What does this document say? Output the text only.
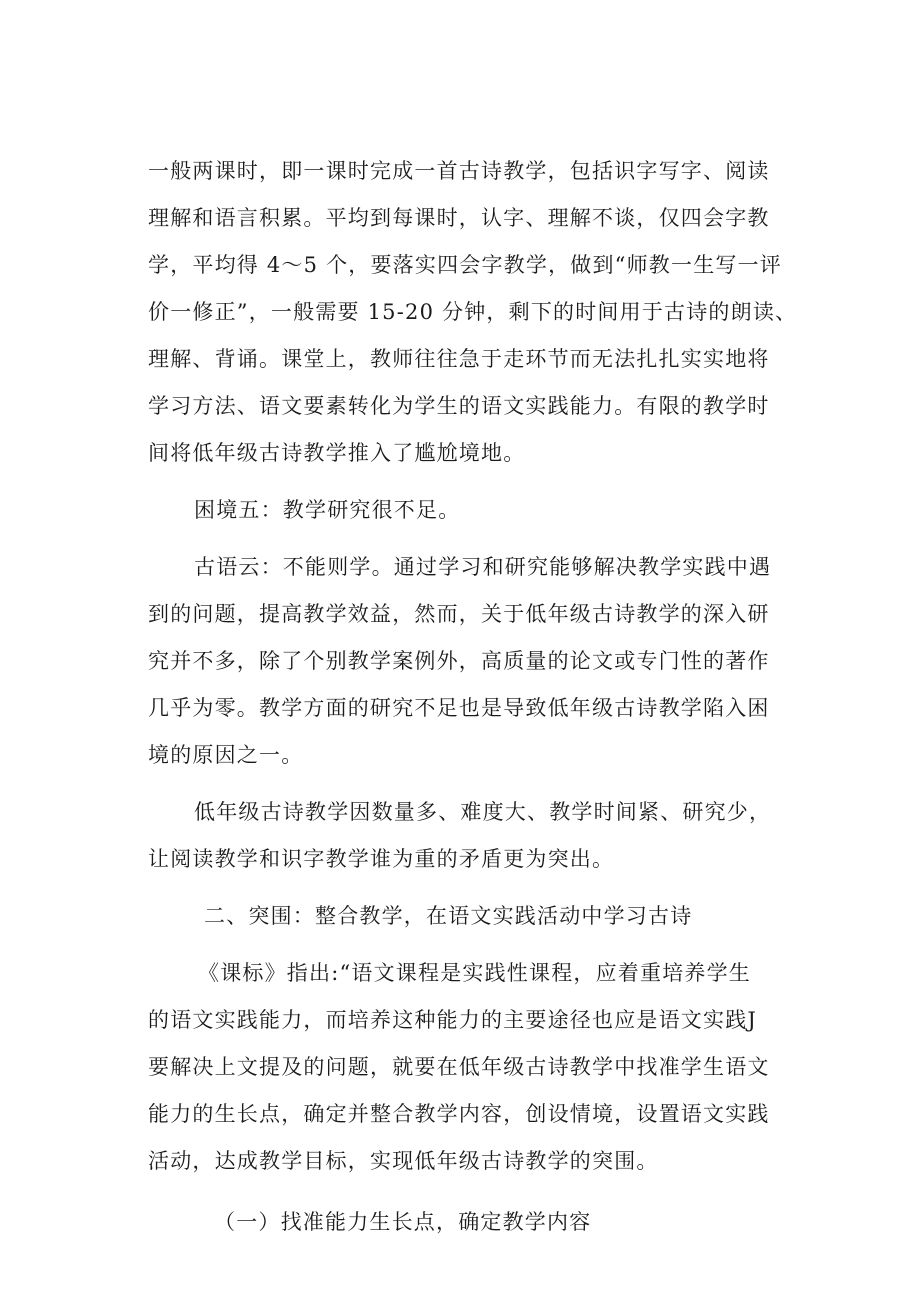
一般两课时，即一课时完成一首古诗教学，包括识字写字、阅读
理解和语言积累。平均到每课时，认字、理解不谈，仅四会字教
学，平均得 4～5 个，要落实四会字教学，做到“师教一生写一评
价一修正”，一般需要 15-20 分钟，剩下的时间用于古诗的朗读、
理解、背诵。课堂上，教师往往急于走环节而无法扎扎实实地将
学习方法、语文要素转化为学生的语文实践能力。有限的教学时
间将低年级古诗教学推入了尴尬境地。
困境五：教学研究很不足。
古语云：不能则学。通过学习和研究能够解决教学实践中遇
到的问题，提高教学效益，然而，关于低年级古诗教学的深入研
究并不多，除了个别教学案例外，高质量的论文或专门性的著作
几乎为零。教学方面的研究不足也是导致低年级古诗教学陷入困
境的原因之一。
低年级古诗教学因数量多、难度大、教学时间紧、研究少，
让阅读教学和识字教学谁为重的矛盾更为突出。
二、突围：整合教学，在语文实践活动中学习古诗
《课标》指出:“语文课程是实践性课程，应着重培养学生
的语文实践能力，而培养这种能力的主要途径也应是语文实践J
要解决上文提及的问题，就要在低年级古诗教学中找准学生语文
能力的生长点，确定并整合教学内容，创设情境，设置语文实践
活动，达成教学目标，实现低年级古诗教学的突围。
（一）找准能力生长点，确定教学内容
